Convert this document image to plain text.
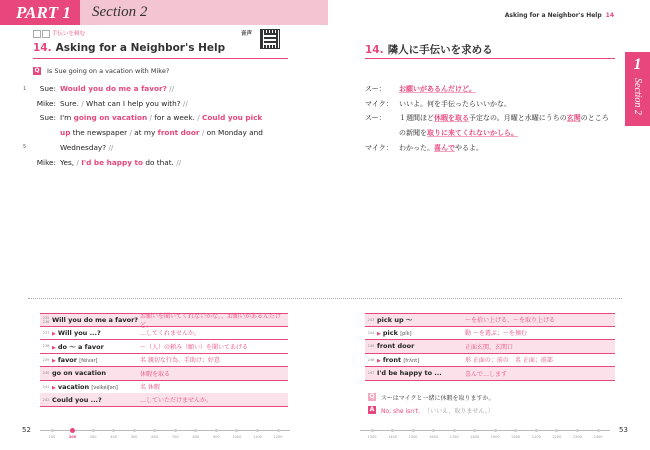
PART 1	Section 2	Asking for a Neighbor's Help 14
1
Section 2
手伝いを頼む	音声
14. Asking for a Neighbor's Help	14. 隣人に手伝いを求める
Q Is Sue going on a vacation with Mike?
1
5
Sue: Would you do me a favor? //
Mike: Sure. / What can I help you with? //
Sue: I'm going on vacation / for a week. / Could you pick
up the newspaper / at my front door / on Monday and
Wednesday? //
Mike: Yes, / I'd be happy to do that. //
スー：	お願いがあるんだけど。
マイク： いいよ。何を手伝ったらいいかな。
スー：	１週間ほど休暇を取る予定なの。月曜と水曜にうちの玄関のところ
の新聞を取りに来てくれないかしら。
マイク： わかった。喜んでやるよ。
235
236 Will you do me a favor? お願いを聞いてくれないかな。、お願いがあるんだけど。
237 ▶ Will you ...?	…してくれませんか。
238 ▶ do ～ a favor	～（人）の頼み（願い）を聞いてあげる
239 ▶ favor [féivər]	名 親切な行為、手助け；好意
240 go on vacation	休暇を取る
241 ▶ vacation [veikéiʃən]	名 休暇
242 Could you ...?	…していただけませんか。
243 pick up ～	～を拾い上げる、～を取り上げる
244 ▶ pick [pík]	動 ～を選ぶ；～を摘む
245 front door	正面玄関、玄関口
246 ▶ front [frʌ́nt]	形 正面の；前の　名 正面；前部
247 I'd be happy to ...	喜んで…します
Q スーはマイクと一緒に休暇を取りますか。
A No, she isn't. （いいえ、取りません。）
52	53
100	200	300	400	500	600	700	800	900	1000	1100	1200	1300	1400	1500	1600	1700	1800	1900	2000	2100	2200	2300	2400
